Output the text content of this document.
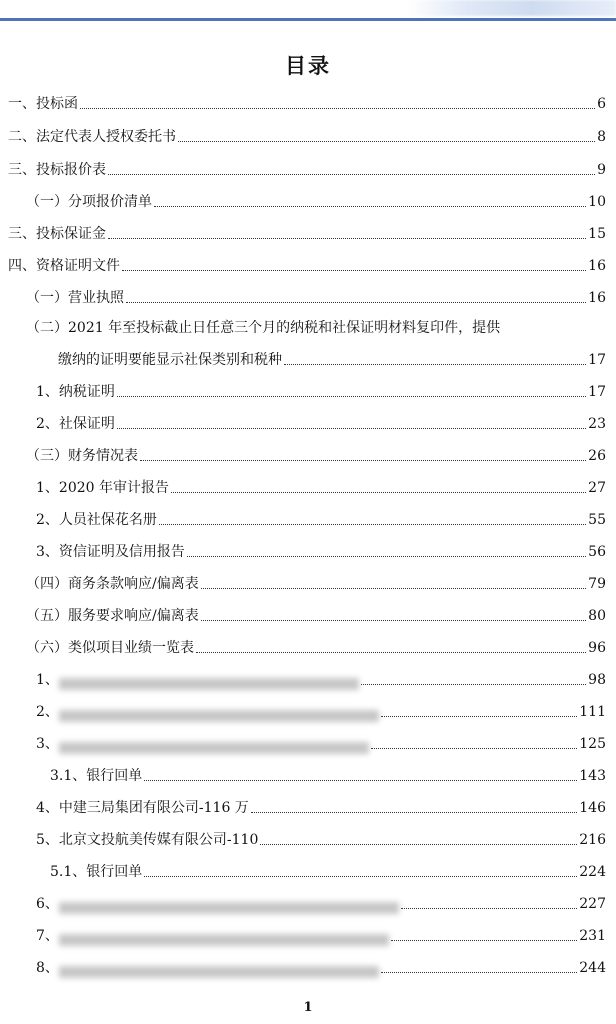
目录
一、投标函	6
二、法定代表人授权委托书	8
三、投标报价表	9
（一）分项报价清单	10
三、投标保证金	15
四、资格证明文件	16
（一）营业执照	16
（二）2021 年至投标截止日任意三个月的纳税和社保证明材料复印件，提供
缴纳的证明要能显示社保类别和税种	17
1、纳税证明	17
2、社保证明	23
（三）财务情况表	26
1、2020 年审计报告	27
2、人员社保花名册	55
3、资信证明及信用报告	56
（四）商务条款响应/偏离表	79
（五）服务要求响应/偏离表	80
（六）类似项目业绩一览表	96
1、	98
2、	111
3、	125
3.1、银行回单	143
4、中建三局集团有限公司-116 万	146
5、北京文投航美传媒有限公司-110	216
5.1、银行回单	224
6、	227
7、	231
8、	244
1
